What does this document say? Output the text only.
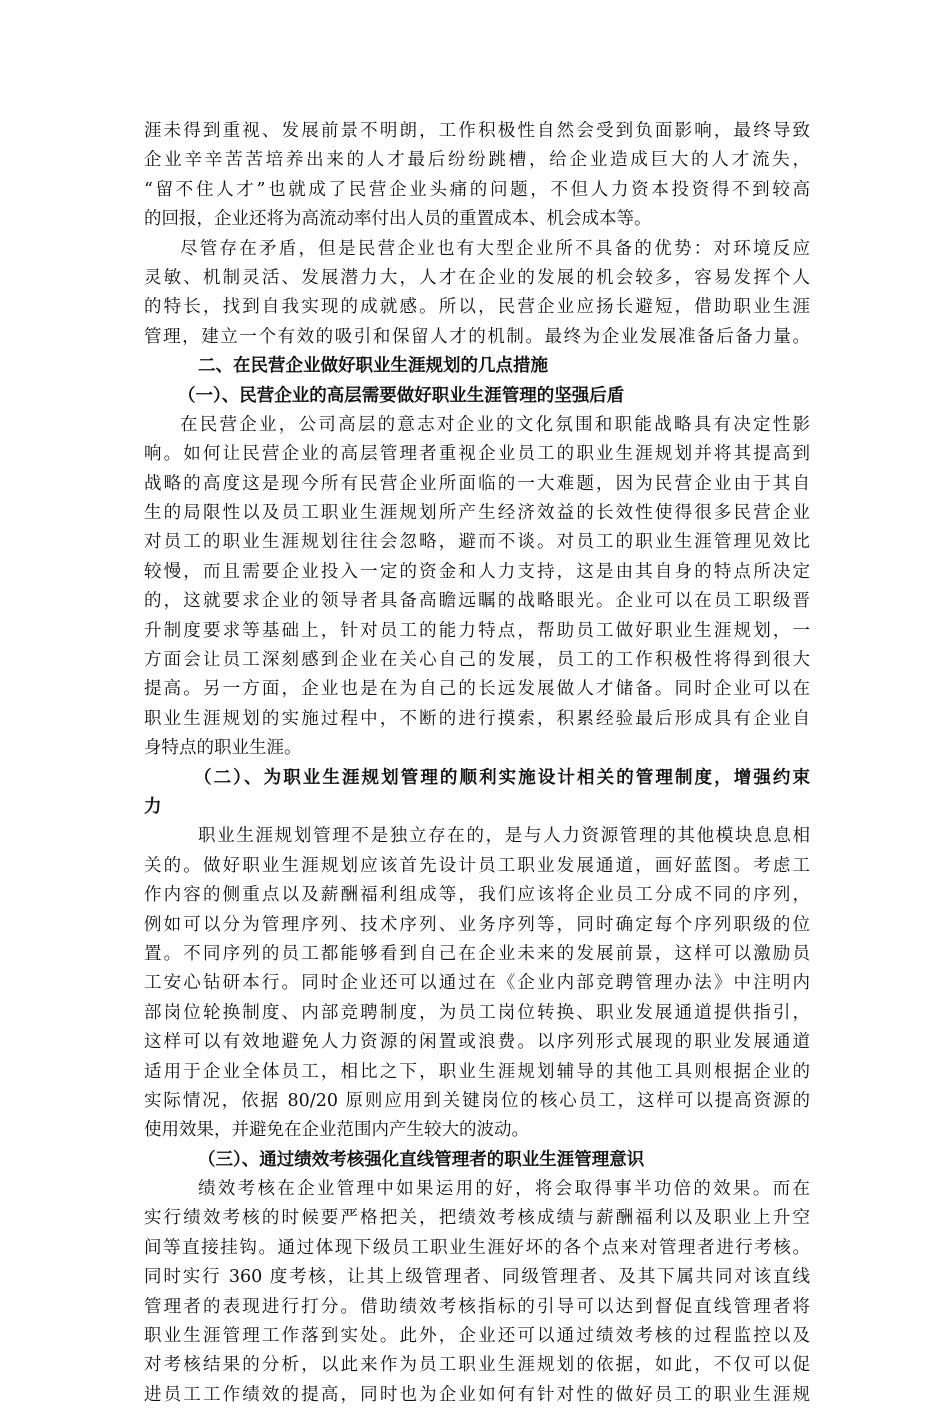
涯未得到重视、发展前景不明朗，工作积极性自然会受到负面影响，最终导致
企业辛辛苦苦培养出来的人才最后纷纷跳槽，给企业造成巨大的人才流失，
“留不住人才”也就成了民营企业头痛的问题，不但人力资本投资得不到较高
的回报，企业还将为高流动率付出人员的重置成本、机会成本等。
尽管存在矛盾，但是民营企业也有大型企业所不具备的优势：对环境反应
灵敏、机制灵活、发展潜力大，人才在企业的发展的机会较多，容易发挥个人
的特长，找到自我实现的成就感。所以，民营企业应扬长避短，借助职业生涯
管理，建立一个有效的吸引和保留人才的机制。最终为企业发展准备后备力量。
二、在民营企业做好职业生涯规划的几点措施
（一）、民营企业的高层需要做好职业生涯管理的坚强后盾
在民营企业，公司高层的意志对企业的文化氛围和职能战略具有决定性影
响。如何让民营企业的高层管理者重视企业员工的职业生涯规划并将其提高到
战略的高度这是现今所有民营企业所面临的一大难题，因为民营企业由于其自
生的局限性以及员工职业生涯规划所产生经济效益的长效性使得很多民营企业
对员工的职业生涯规划往往会忽略，避而不谈。对员工的职业生涯管理见效比
较慢，而且需要企业投入一定的资金和人力支持，这是由其自身的特点所决定
的，这就要求企业的领导者具备高瞻远瞩的战略眼光。企业可以在员工职级晋
升制度要求等基础上，针对员工的能力特点，帮助员工做好职业生涯规划，一
方面会让员工深刻感到企业在关心自己的发展，员工的工作积极性将得到很大
提高。另一方面，企业也是在为自己的长远发展做人才储备。同时企业可以在
职业生涯规划的实施过程中，不断的进行摸索，积累经验最后形成具有企业自
身特点的职业生涯。
（二）、为职业生涯规划管理的顺利实施设计相关的管理制度，增强约束
力
职业生涯规划管理不是独立存在的，是与人力资源管理的其他模块息息相
关的。做好职业生涯规划应该首先设计员工职业发展通道，画好蓝图。考虑工
作内容的侧重点以及薪酬福利组成等，我们应该将企业员工分成不同的序列，
例如可以分为管理序列、技术序列、业务序列等，同时确定每个序列职级的位
置。不同序列的员工都能够看到自己在企业未来的发展前景，这样可以激励员
工安心钻研本行。同时企业还可以通过在《企业内部竞聘管理办法》中注明内
部岗位轮换制度、内部竞聘制度，为员工岗位转换、职业发展通道提供指引，
这样可以有效地避免人力资源的闲置或浪费。以序列形式展现的职业发展通道
适用于企业全体员工，相比之下，职业生涯规划辅导的其他工具则根据企业的
实际情况，依据 80/20 原则应用到关键岗位的核心员工，这样可以提高资源的
使用效果，并避免在企业范围内产生较大的波动。
（三）、通过绩效考核强化直线管理者的职业生涯管理意识
绩效考核在企业管理中如果运用的好，将会取得事半功倍的效果。而在
实行绩效考核的时候要严格把关，把绩效考核成绩与薪酬福利以及职业上升空
间等直接挂钩。通过体现下级员工职业生涯好坏的各个点来对管理者进行考核。
同时实行 360 度考核，让其上级管理者、同级管理者、及其下属共同对该直线
管理者的表现进行打分。借助绩效考核指标的引导可以达到督促直线管理者将
职业生涯管理工作落到实处。此外，企业还可以通过绩效考核的过程监控以及
对考核结果的分析，以此来作为员工职业生涯规划的依据，如此，不仅可以促
进员工工作绩效的提高，同时也为企业如何有针对性的做好员工的职业生涯规
